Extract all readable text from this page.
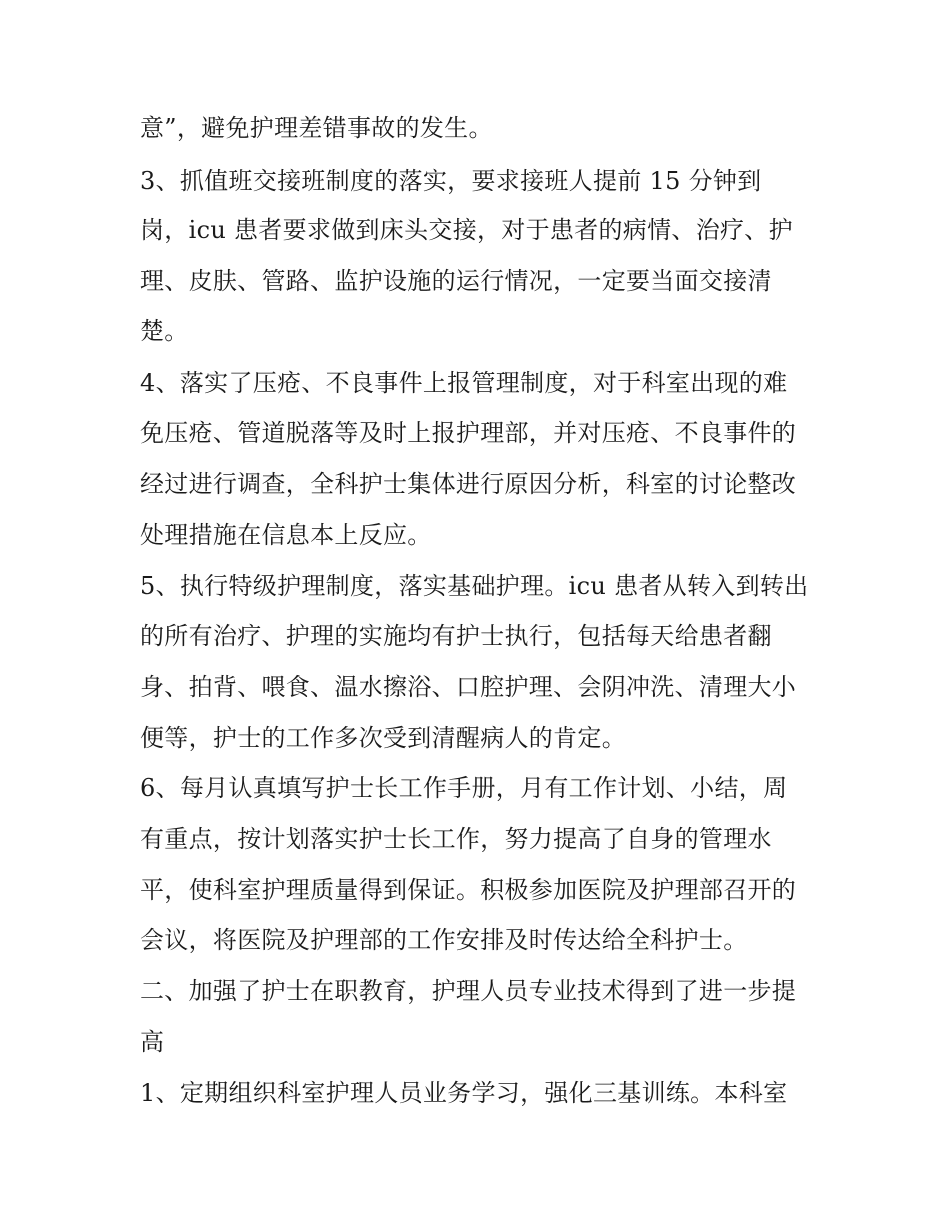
意”，避免护理差错事故的发生。
3、抓值班交接班制度的落实，要求接班人提前 15 分钟到
岗，icu 患者要求做到床头交接，对于患者的病情、治疗、护
理、皮肤、管路、监护设施的运行情况，一定要当面交接清
楚。
4、落实了压疮、不良事件上报管理制度，对于科室出现的难
免压疮、管道脱落等及时上报护理部，并对压疮、不良事件的
经过进行调查，全科护士集体进行原因分析，科室的讨论整改
处理措施在信息本上反应。
5、执行特级护理制度，落实基础护理。icu 患者从转入到转出
的所有治疗、护理的实施均有护士执行，包括每天给患者翻
身、拍背、喂食、温水擦浴、口腔护理、会阴冲洗、清理大小
便等，护士的工作多次受到清醒病人的肯定。
6、每月认真填写护士长工作手册，月有工作计划、小结，周
有重点，按计划落实护士长工作，努力提高了自身的管理水
平，使科室护理质量得到保证。积极参加医院及护理部召开的
会议，将医院及护理部的工作安排及时传达给全科护士。
二、加强了护士在职教育，护理人员专业技术得到了进一步提
高
1、定期组织科室护理人员业务学习，强化三基训练。本科室
